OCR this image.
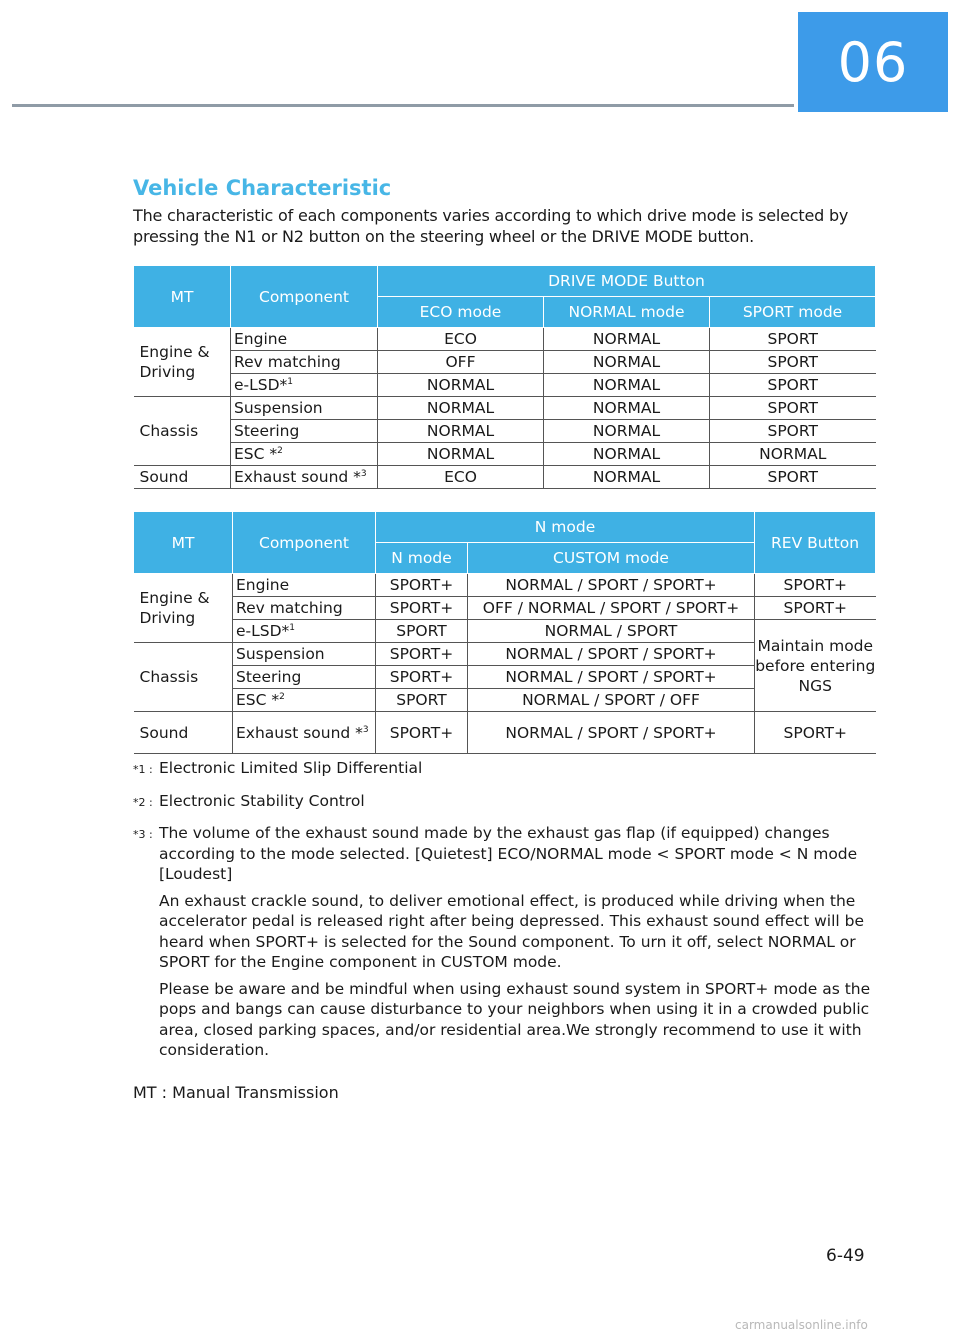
06
Vehicle Characteristic

The characteristic of each components varies according to which drive mode is selected by pressing the N1 or N2 button on the steering wheel or the DRIVE MODE button.

MT	Component	DRIVE MODE Button		
		ECO mode	NORMAL mode	SPORT mode
Engine & Driving	Engine	ECO	NORMAL	SPORT
	Rev matching	OFF	NORMAL	SPORT
	e-LSD*$^1$	NORMAL	NORMAL	SPORT
Chassis	Suspension	NORMAL	NORMAL	SPORT
	Steering	NORMAL	NORMAL	SPORT
	ESC *$^2$	NORMAL	NORMAL	NORMAL
Sound	Exhaust sound *$^3$	ECO	NORMAL	SPORT
MT	Component	N mode		REV Button
		N mode	CUSTOM mode	
Engine & Driving	Engine	SPORT+	NORMAL / SPORT / SPORT+	SPORT+
	Rev matching	SPORT+	OFF / NORMAL / SPORT / SPORT+	SPORT+
	e-LSD*$^1$	SPORT	NORMAL / SPORT	Maintain mode before entering NGS
Chassis	Suspension	SPORT+	NORMAL / SPORT / SPORT+	
	Steering	SPORT+	NORMAL / SPORT / SPORT+	
	ESC *$^2$	SPORT	NORMAL / SPORT / OFF	
Sound	Exhaust sound *$^3$	SPORT+	NORMAL / SPORT / SPORT+	SPORT+
*1 : Electronic Limited Slip Differential

*2 : Electronic Stability Control

*3 : The volume of the exhaust sound made by the exhaust gas flap (if equipped) changes according to the mode selected. [Quietest] ECO/NORMAL mode < SPORT mode < N mode [Loudest]

An exhaust crackle sound, to deliver emotional effect, is produced while driving when the accelerator pedal is released right after being depressed. This exhaust sound effect will be heard when SPORT+ is selected for the Sound component. To urn it off, select NORMAL or SPORT for the Engine component in CUSTOM mode.

Please be aware and be mindful when using exhaust sound system in SPORT+ mode as the pops and bangs can cause disturbance to your neighbors when using it in a crowded public area, closed parking spaces, and/or residential area.We strongly recommend to use it with consideration.

MT : Manual Transmission
6-49
carmanualsonline.info
